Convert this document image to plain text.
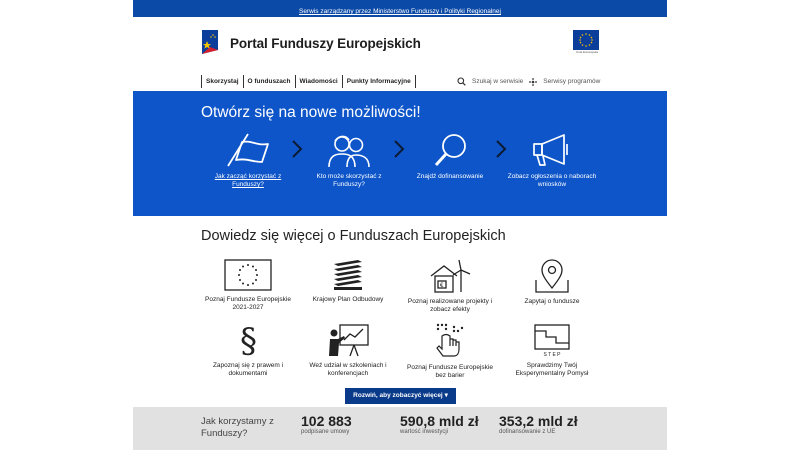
Serwis zarządzany przez Ministerstwo Funduszy i Polityki Regionalnej
Portal Funduszy Europejskich
Unia Europejska
Skorzystaj	O funduszach	Wiadomości	Punkty Informacyjne	Szukaj w serwisie	Serwisy programów
Otwórz się na nowe możliwości!
Jak zacząć korzystać z
Funduszy?
Kto może skorzystać z
Funduszy?
Znajdź dofinansowanie	Zobacz ogłoszenia o naborach
wniosków
Dowiedz się więcej o Funduszach Europejskich
Poznaj Fundusze Europejskie
2021-2027
Krajowy Plan Odbudowy
€
Poznaj realizowane projekty i
zobacz efekty
Zapytaj o fundusze
§
Zapoznaj się z prawem i
dokumentami
Weź udział w szkoleniach i
konferencjach
Poznaj Fundusze Europejskie
bez barier
S T E P
Sprawdzimy Twój
Eksperymentalny Pomysł
Rozwiń, aby zobaczyć więcej ▾
Jak korzystamy z
Funduszy?
102 883
podpisane umowy
590,8 mld zł
wartość inwestycji
353,2 mld zł
dofinansowanie z UE
